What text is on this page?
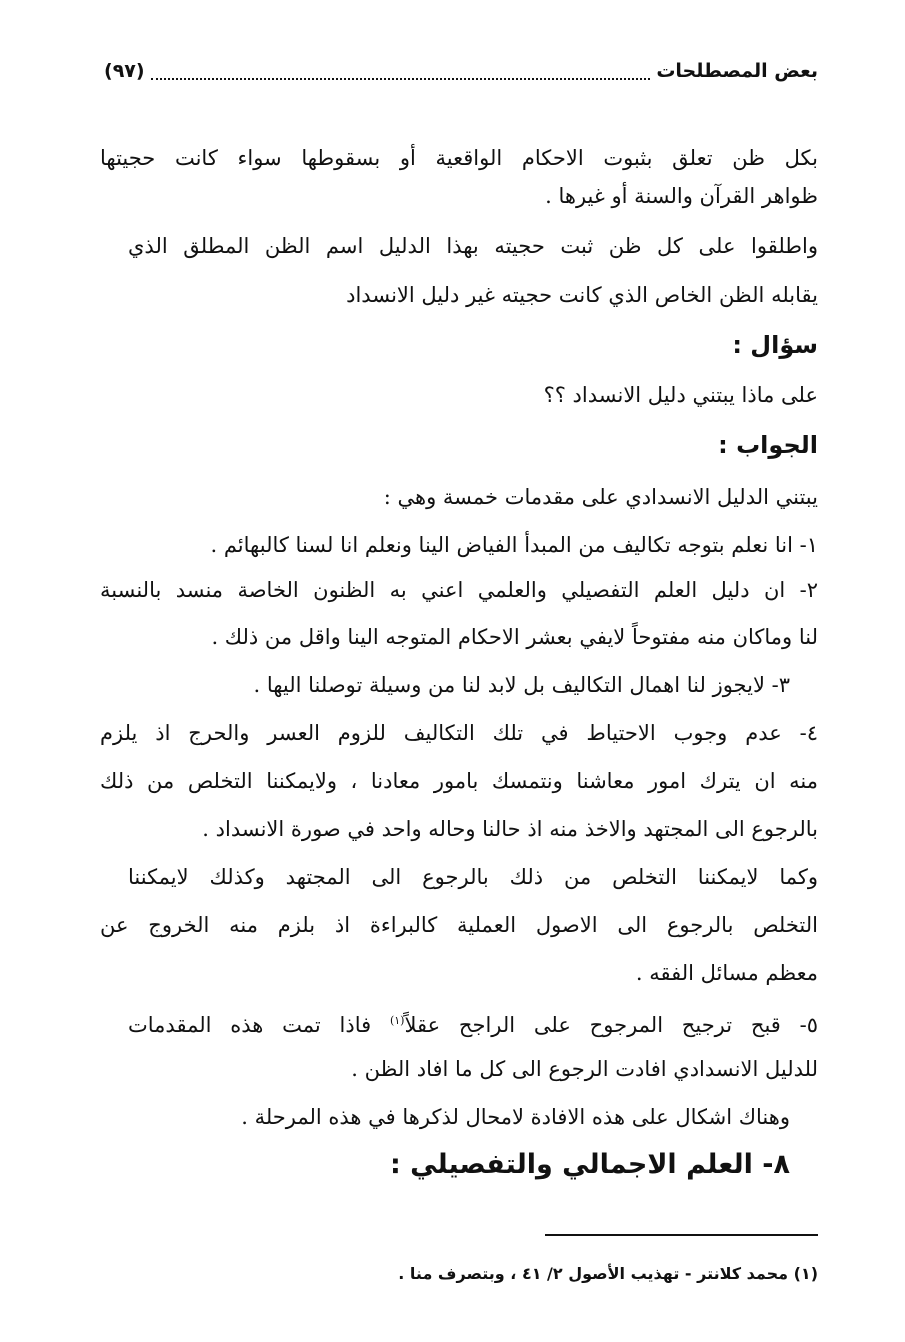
بعض المصطلحات
(٩٧)
بكل ظن تعلق بثبوت الاحكام الواقعية أو بسقوطها سواء كانت حجيتها
ظواهر القرآن والسنة أو غيرها .
واطلقوا على كل ظن ثبت حجيته بهذا الدليل اسم الظن المطلق الذي
يقابله الظن الخاص الذي كانت حجيته غير دليل الانسداد
سؤال :
على ماذا يبتني دليل الانسداد ؟؟
الجواب :
يبتني الدليل الانسدادي على مقدمات خمسة وهي :
١- انا نعلم بتوجه تكاليف من المبدأ الفياض الينا ونعلم انا لسنا كالبهائم .
٢- ان دليل العلم التفصيلي والعلمي اعني به الظنون الخاصة منسد بالنسبة
لنا وماكان منه مفتوحاً لايفي بعشر الاحكام المتوجه الينا واقل من ذلك .
٣- لايجوز لنا اهمال التكاليف بل لابد لنا من وسيلة توصلنا اليها .
٤- عدم وجوب الاحتياط في تلك التكاليف للزوم العسر والحرج اذ يلزم
منه ان يترك امور معاشنا ونتمسك بامور معادنا ، ولايمكننا التخلص من ذلك
بالرجوع الى المجتهد والاخذ منه اذ حالنا وحاله واحد في صورة الانسداد .
وكما لايمكننا التخلص من ذلك بالرجوع الى المجتهد وكذلك لايمكننا
التخلص بالرجوع الى الاصول العملية كالبراءة اذ بلزم منه الخروج عن
معظم مسائل الفقه .
٥- قبح ترجيح المرجوح على الراجح عقلاً$^{(١)}$ فاذا تمت هذه المقدمات
للدليل الانسدادي افادت الرجوع الى كل ما افاد الظن .
وهناك اشكال على هذه الافادة لامحال لذكرها في هذه المرحلة .
٨- العلم الاجمالي والتفصيلي :
(١) محمد كلانتر - تهذيب الأصول ٢/ ٤١ ، وبتصرف منا .
